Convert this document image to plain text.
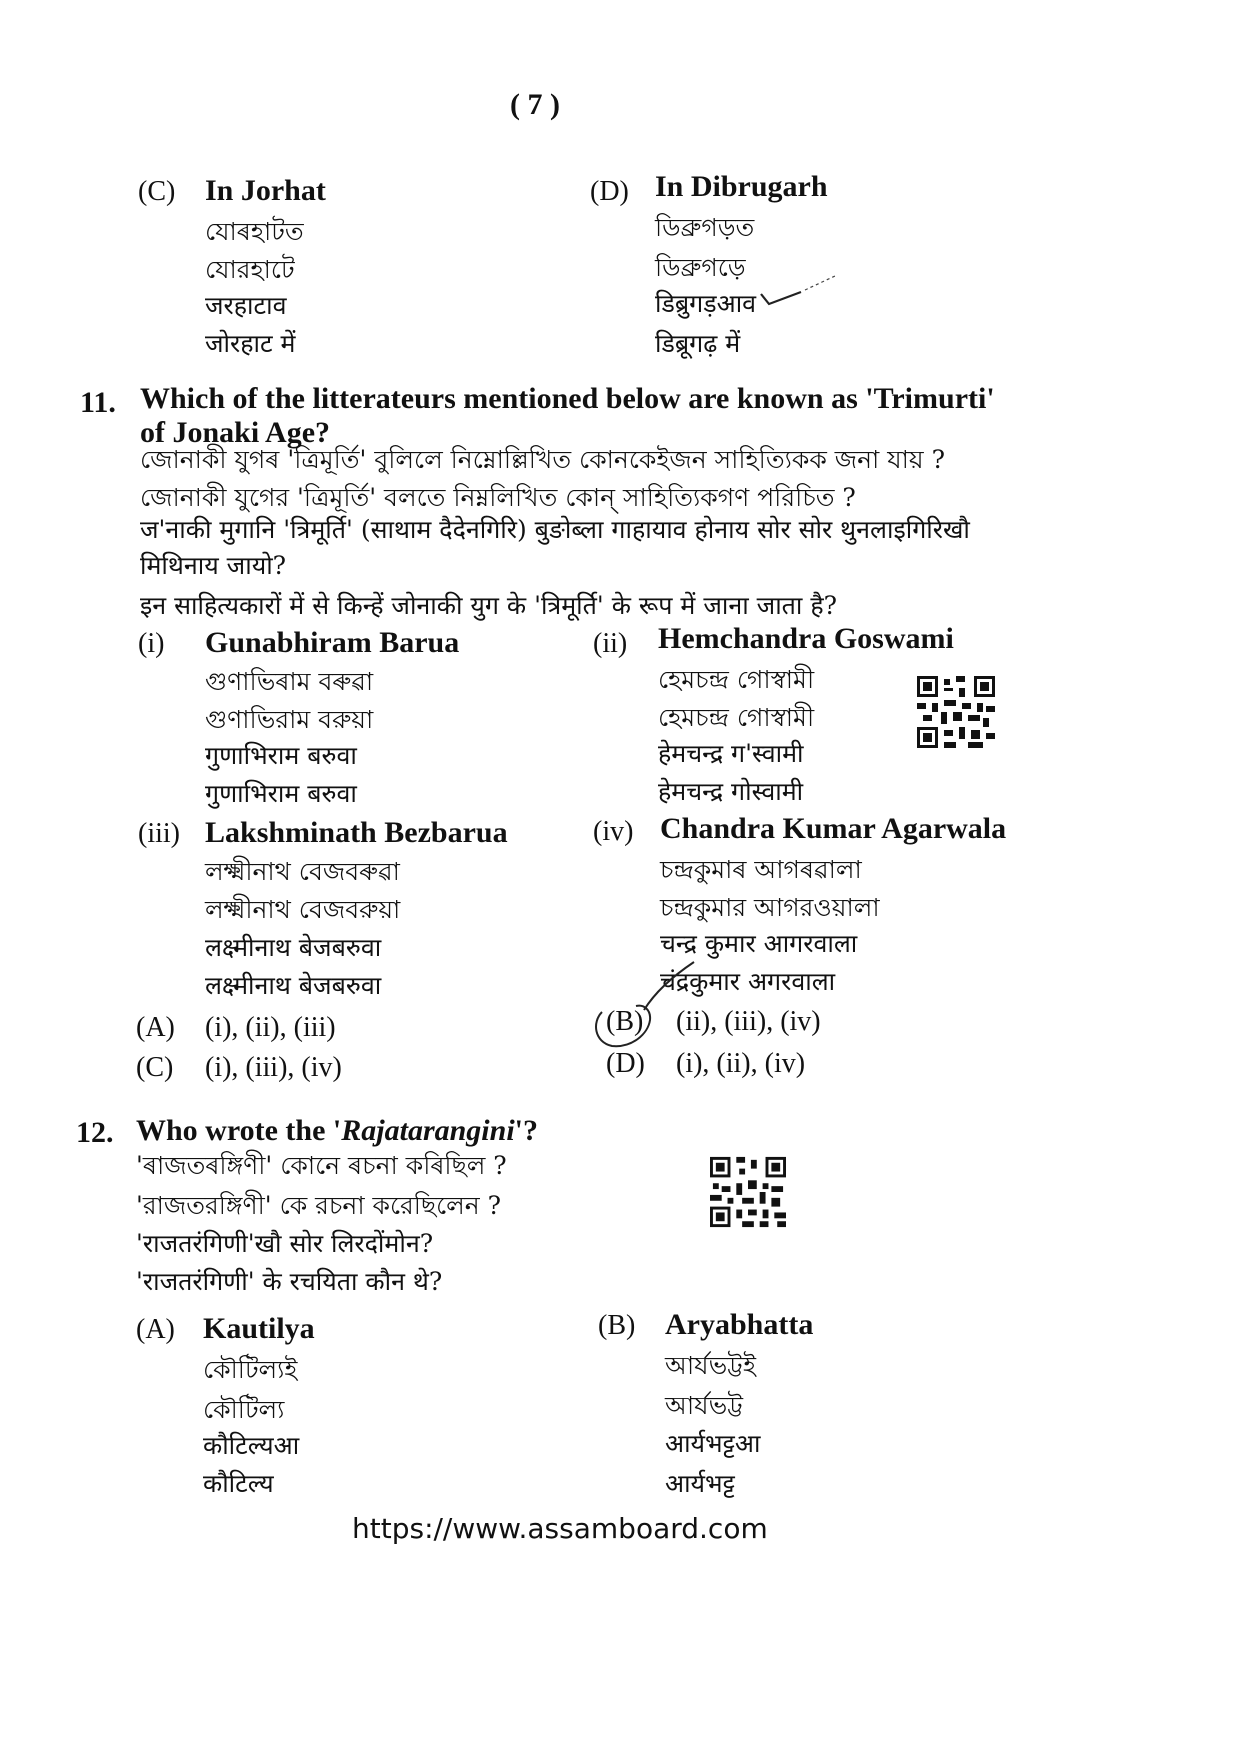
( 7 )
(C) In Jorhat
যোৰহাটত
যোরহাটে
जरहाटाव
जोरहाट में
(D) In Dibrugarh
ডিব্ৰুগড়ত
ডিব্রুগড়ে
डिब्रुगड़आव
डिब्रूगढ़ में
11. Which of the litterateurs mentioned below are known as 'Trimurti' of Jonaki Age?
জোনাকী যুগৰ 'ত্ৰিমূৰ্তি' বুলিলে নিম্নোল্লিখিত কোনকেইজন সাহিত্যিকক জনা যায় ?
জোনাকী যুগের 'ত্রিমূর্তি' বলতে নিম্নলিখিত কোন্ সাহিত্যিকগণ পরিচিত ?
ज'नाकी मुगानि 'त्रिमूर्ति' (साथाम दैदेनगिरि) बुङोब्ला गाहायाव होनाय सोर सोर थुनलाइगिरिखौ मिथिनाय जायो?
इन साहित्यकारों में से किन्हें जोनाकी युग के 'त्रिमूर्ति' के रूप में जाना जाता है?
(i) Gunabhiram Barua
গুণাভিৰাম বৰুৱা
গুণাভিরাম বরুয়া
गुणाभिराम बरुवा
गुणाभिराम बरुवा
(ii) Hemchandra Goswami
হেমচন্দ্ৰ গোস্বামী
হেমচন্দ্র গোস্বামী
हेमचन्द्र ग'स्वामी
हेमचन्द्र गोस्वामी
(iii) Lakshminath Bezbarua
লক্ষ্মীনাথ বেজবৰুৱা
লক্ষ্মীনাথ বেজবরুয়া
लक्ष्मीनाथ बेजबरुवा
लक्ष्मीनाथ बेजबरुवा
(iv) Chandra Kumar Agarwala
চন্দ্ৰকুমাৰ আগৰৱালা
চন্দ্রকুমার আগরওয়ালা
चन्द्र कुमार आगरवाला
चंद्रकुमार अगरवाला
(A) (i), (ii), (iii)	(B) (ii), (iii), (iv)
(C) (i), (iii), (iv)	(D) (i), (ii), (iv)
12. Who wrote the 'Rajatarangini'?
'ৰাজতৰঙ্গিণী' কোনে ৰচনা কৰিছিল ?
'রাজতরঙ্গিণী' কে রচনা করেছিলেন ?
'राजतरंगिणी'खौ सोर लिरदोंमोन?
'राजतरंगिणी' के रचयिता कौन थे?
(A) Kautilya
কৌটিল্যই
কৌটিল্য
कौटिल्यआ
कौटिल्य
(B) Aryabhatta
আৰ্যভট্টই
আর্যভট্ট
आर्यभट्टआ
आर्यभट्ट
https://www.assamboard.com
